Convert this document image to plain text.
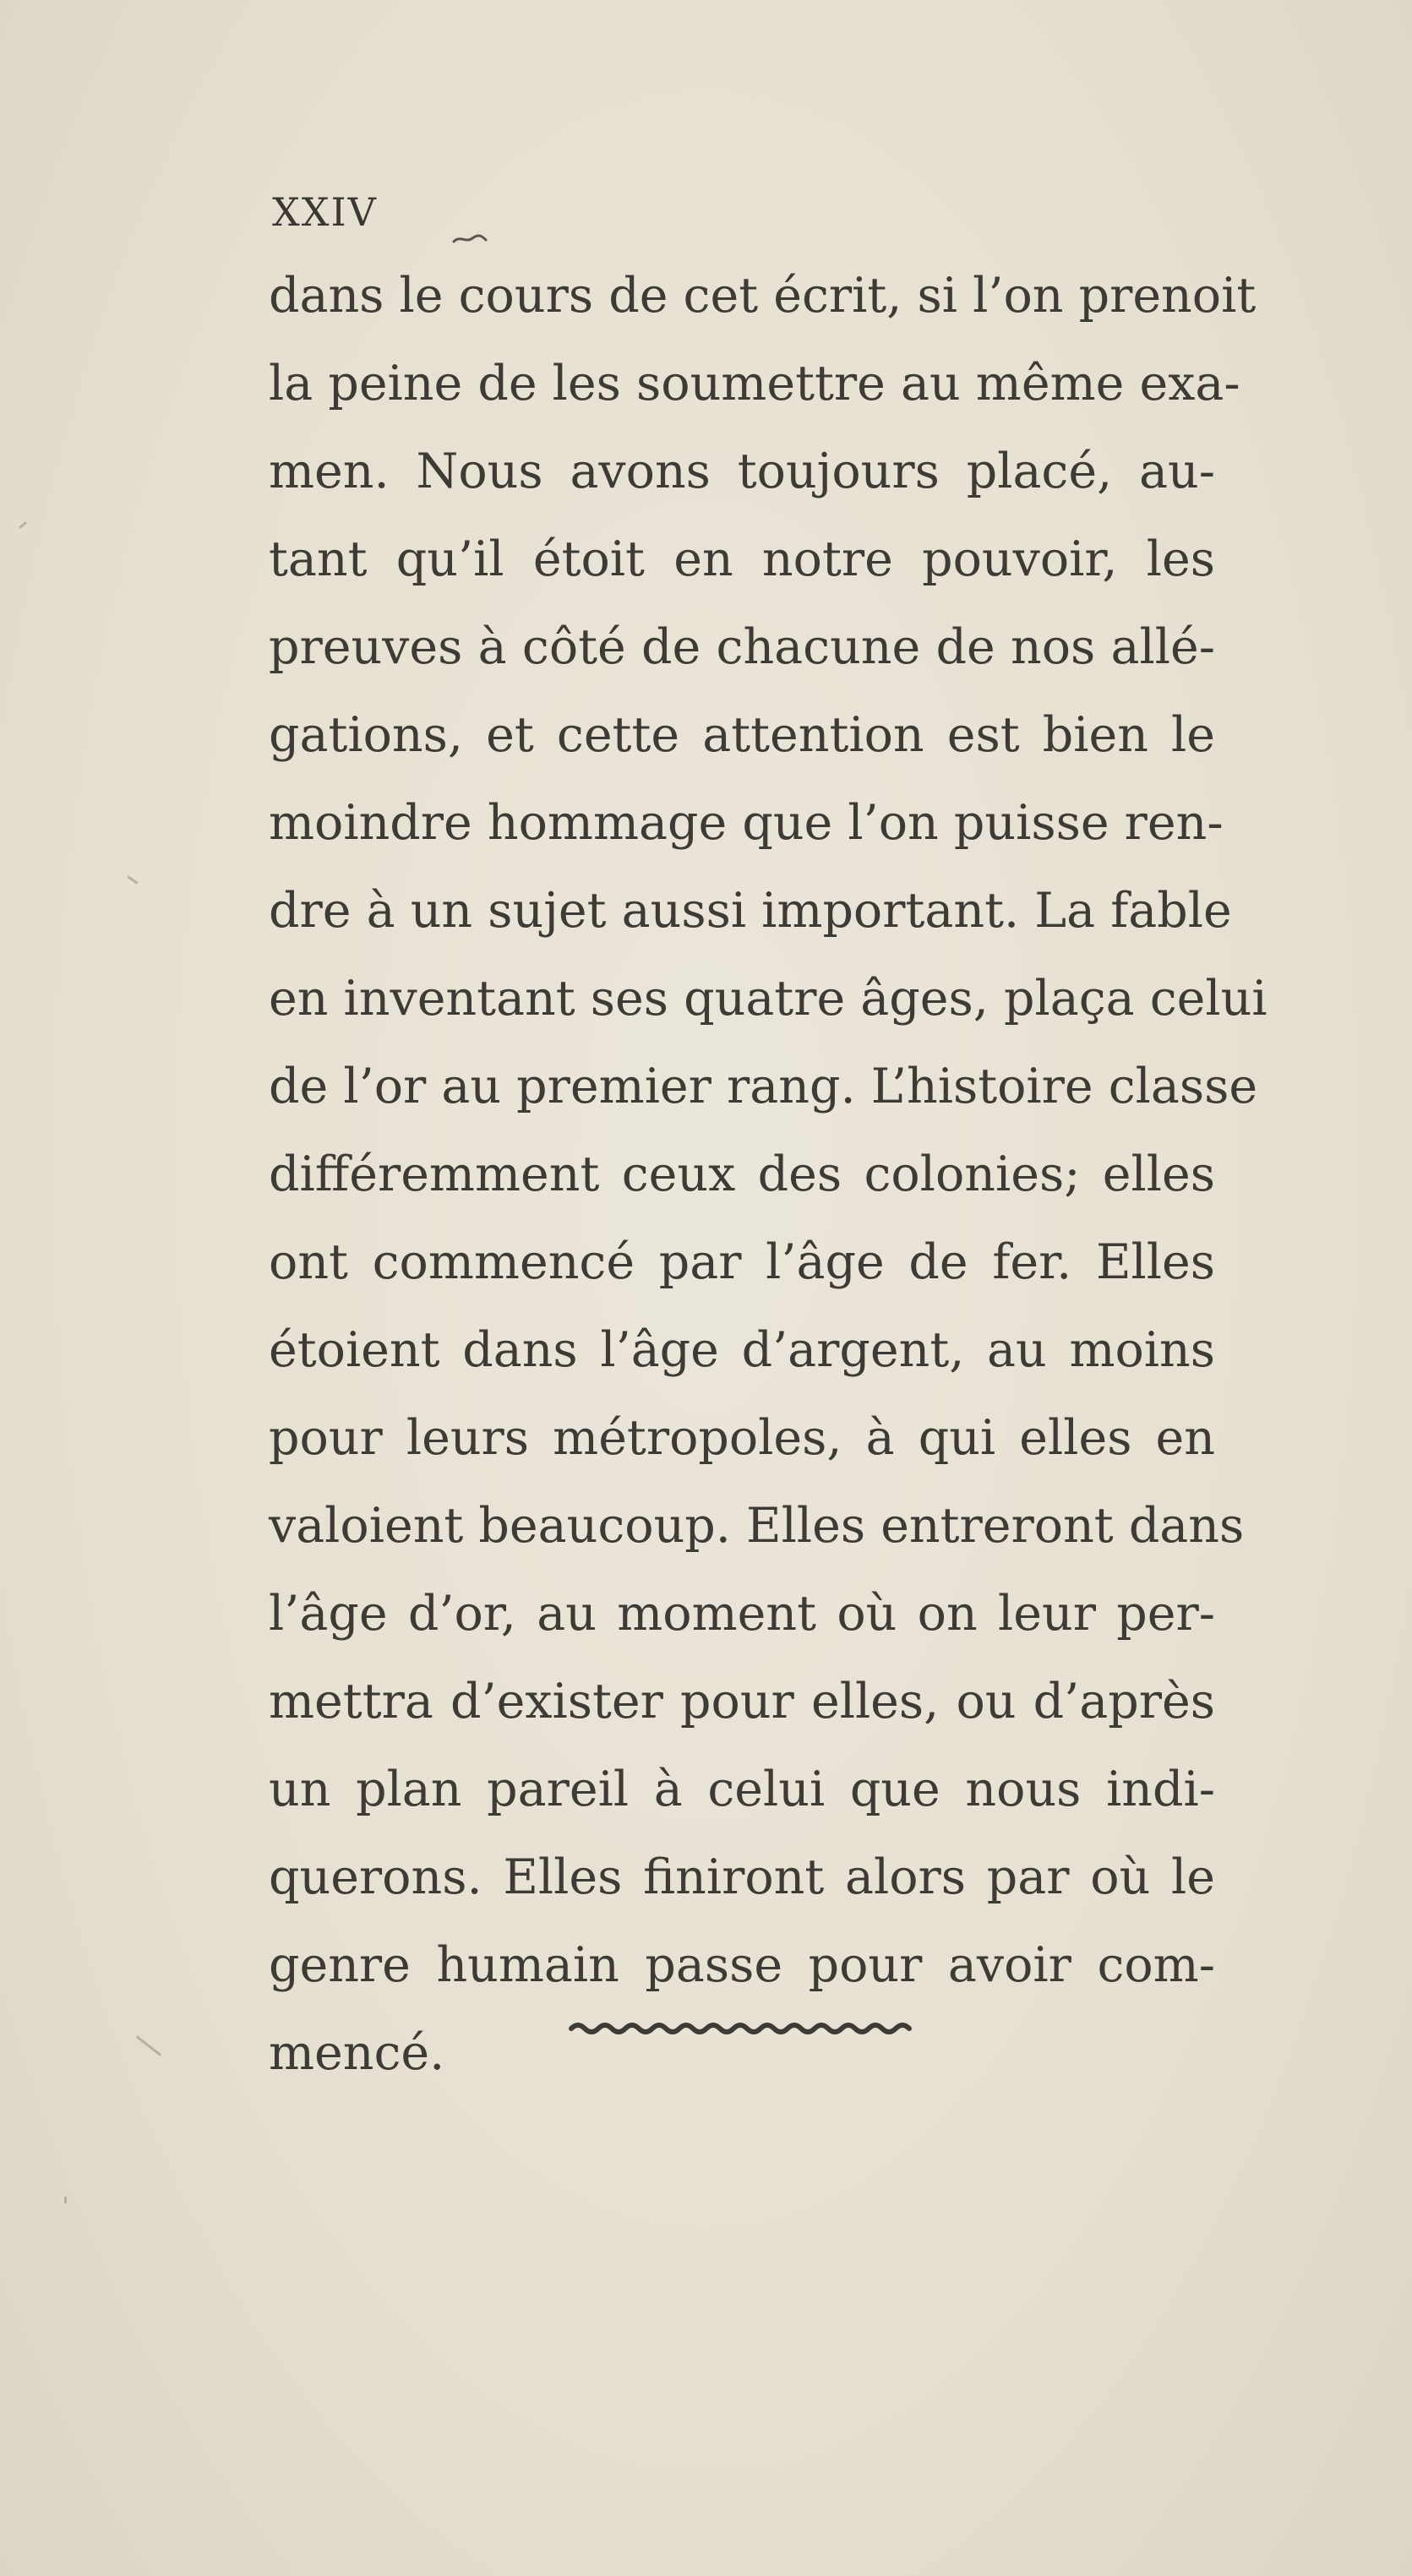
XXIV
dans le cours de cet écrit, si l’on prenoit
la peine de les soumettre au même exa-
men. Nous avons toujours placé, au-
tant qu’il étoit en notre pouvoir, les
preuves à côté de chacune de nos allé-
gations, et cette attention est bien le
moindre hommage que l’on puisse ren-
dre à un sujet aussi important. La fable
en inventant ses quatre âges, plaça celui
de l’or au premier rang. L’histoire classe
différemment ceux des colonies; elles
ont commencé par l’âge de fer. Elles
étoient dans l’âge d’argent, au moins
pour leurs métropoles, à qui elles en
valoient beaucoup. Elles entreront dans
l’âge d’or, au moment où on leur per-
mettra d’exister pour elles, ou d’après
un plan pareil à celui que nous indi-
querons. Elles finiront alors par où le
genre humain passe pour avoir com-
mencé.
